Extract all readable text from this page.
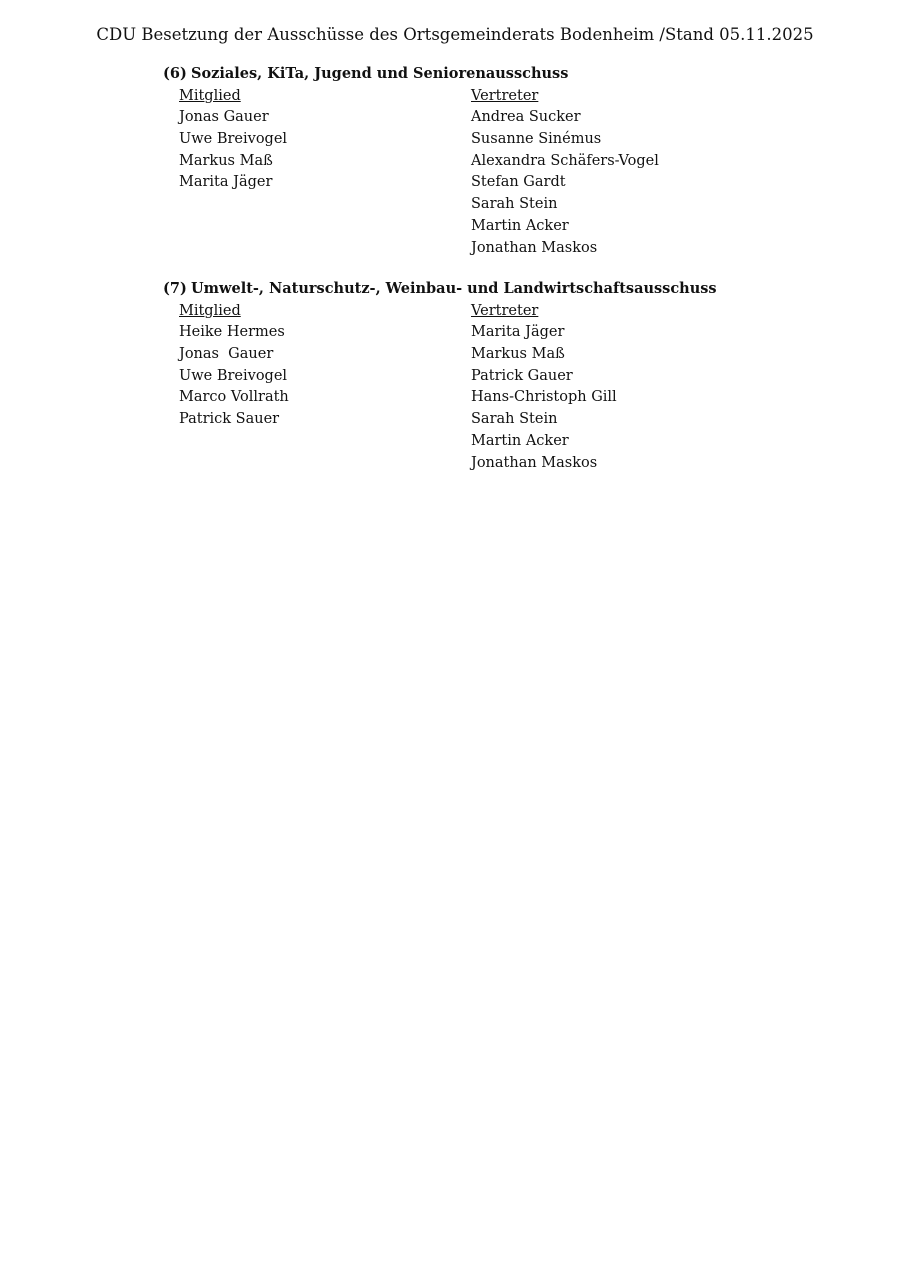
CDU Besetzung der Ausschüsse des Ortsgemeinderats Bodenheim /Stand 05.11.2025
(6) Soziales, KiTa, Jugend und Seniorenausschuss
Mitglied
Jonas Gauer
Uwe Breivogel
Markus Maß
Marita Jäger
Vertreter
Andrea Sucker
Susanne Sinémus
Alexandra Schäfers-Vogel
Stefan Gardt
Sarah Stein
Martin Acker
Jonathan Maskos
(7) Umwelt-, Naturschutz-, Weinbau- und Landwirtschaftsausschuss
Mitglied
Heike Hermes
Jonas  Gauer
Uwe Breivogel
Marco Vollrath
Patrick Sauer
Vertreter
Marita Jäger
Markus Maß
Patrick Gauer
Hans-Christoph Gill
Sarah Stein
Martin Acker
Jonathan Maskos
